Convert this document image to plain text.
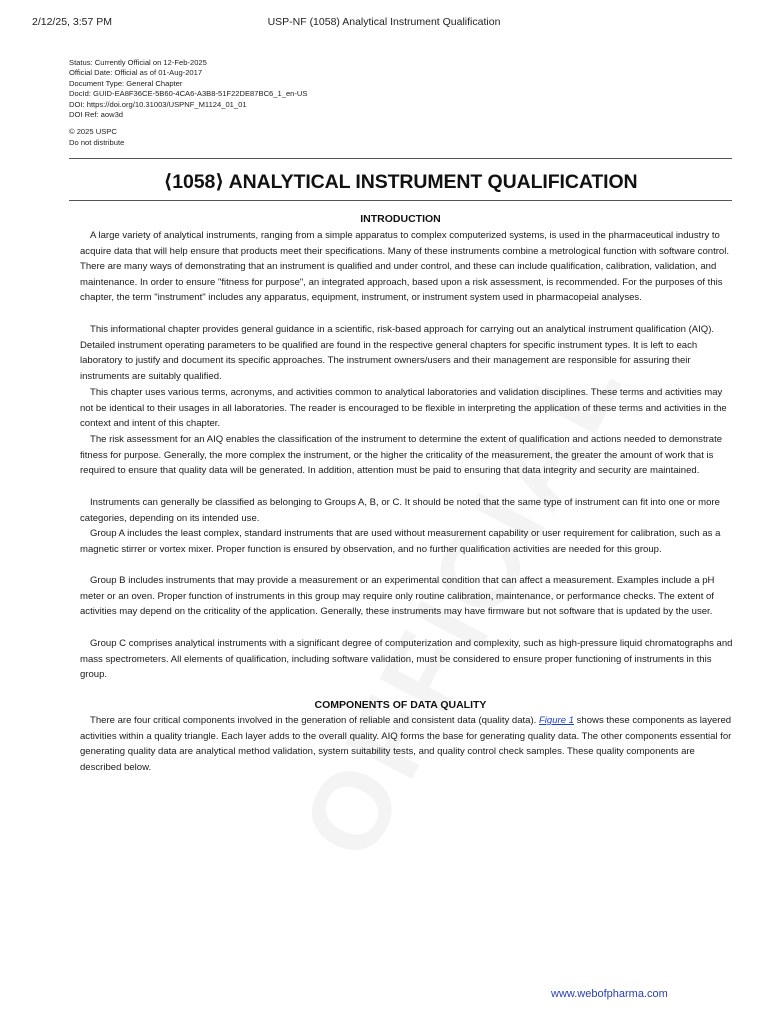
2/12/25, 3:57 PM	USP-NF (1058) Analytical Instrument Qualification
Status: Currently Official on 12-Feb-2025
Official Date: Official as of 01-Aug-2017
Document Type: General Chapter
DocId: GUID-EA8F36CE-5B60-4CA6-A3B8-51F22DE87BC6_1_en-US
DOI: https://doi.org/10.31003/USPNF_M1124_01_01
DOI Ref: aow3d
© 2025 USPC
Do not distribute
⟨1058⟩ ANALYTICAL INSTRUMENT QUALIFICATION
INTRODUCTION

A large variety of analytical instruments, ranging from a simple apparatus to complex computerized systems, is used in the pharmaceutical industry to acquire data that will help ensure that products meet their specifications. Many of these instruments combine a metrological function with software control. There are many ways of demonstrating that an instrument is qualified and under control, and these can include qualification, calibration, validation, and maintenance. In order to ensure "fitness for purpose", an integrated approach, based upon a risk assessment, is recommended. For the purposes of this chapter, the term "instrument" includes any apparatus, equipment, instrument, or instrument system used in pharmacopeial analyses.

This informational chapter provides general guidance in a scientific, risk-based approach for carrying out an analytical instrument qualification (AIQ). Detailed instrument operating parameters to be qualified are found in the respective general chapters for specific instrument types. It is left to each laboratory to justify and document its specific approaches. The instrument owners/users and their management are responsible for assuring their instruments are suitably qualified.

This chapter uses various terms, acronyms, and activities common to analytical laboratories and validation disciplines. These terms and activities may not be identical to their usages in all laboratories. The reader is encouraged to be flexible in interpreting the application of these terms and activities in the context and intent of this chapter.

The risk assessment for an AIQ enables the classification of the instrument to determine the extent of qualification and actions needed to demonstrate fitness for purpose. Generally, the more complex the instrument, or the higher the criticality of the measurement, the greater the amount of work that is required to ensure that quality data will be generated. In addition, attention must be paid to ensuring that data integrity and security are maintained.

Instruments can generally be classified as belonging to Groups A, B, or C. It should be noted that the same type of instrument can fit into one or more categories, depending on its intended use.

Group A includes the least complex, standard instruments that are used without measurement capability or user requirement for calibration, such as a magnetic stirrer or vortex mixer. Proper function is ensured by observation, and no further qualification activities are needed for this group.

Group B includes instruments that may provide a measurement or an experimental condition that can affect a measurement. Examples include a pH meter or an oven. Proper function of instruments in this group may require only routine calibration, maintenance, or performance checks. The extent of activities may depend on the criticality of the application. Generally, these instruments may have firmware but not software that is updated by the user.

Group C comprises analytical instruments with a significant degree of computerization and complexity, such as high-pressure liquid chromatographs and mass spectrometers. All elements of qualification, including software validation, must be considered to ensure proper functioning of instruments in this group.

COMPONENTS OF DATA QUALITY

There are four critical components involved in the generation of reliable and consistent data (quality data). Figure 1 shows these components as layered activities within a quality triangle. Each layer adds to the overall quality. AIQ forms the base for generating quality data. The other components essential for generating quality data are analytical method validation, system suitability tests, and quality control check samples. These quality components are described below.

www.webofpharma.com
